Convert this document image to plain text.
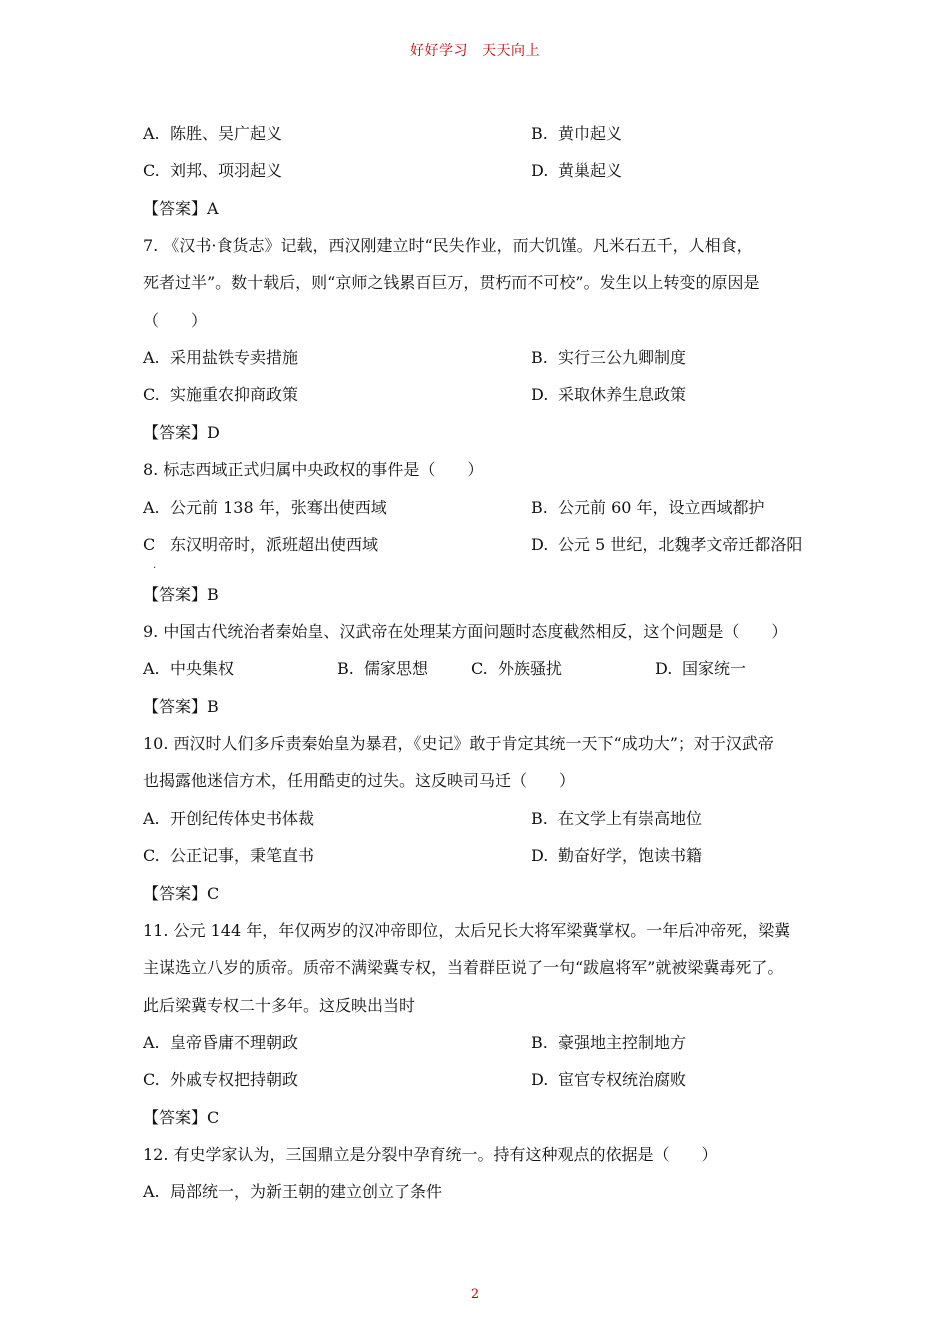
好好学习 天天向上
A. 陈胜、吴广起义	B. 黄巾起义
C. 刘邦、项羽起义	D. 黄巢起义
【答案】A
7. 《汉书·食货志》记载，西汉刚建立时“民失作业，而大饥馑。凡米石五千，人相食，
死者过半”。数十载后，则“京师之钱累百巨万，贯朽而不可校”。发生以上转变的原因是
（　　）
A. 采用盐铁专卖措施	B. 实行三公九卿制度
C. 实施重农抑商政策	D. 采取休养生息政策
【答案】D
8. 标志西域正式归属中央政权的事件是（　　）
A. 公元前 138 年，张骞出使西域	B. 公元前 60 年，设立西域都护
C 东汉明帝时，派班超出使西域	D. 公元 5 世纪，北魏孝文帝迁都洛阳
.
【答案】B
9. 中国古代统治者秦始皇、汉武帝在处理某方面问题时态度截然相反，这个问题是（　　）
A. 中央集权	B. 儒家思想	C. 外族骚扰	D. 国家统一
【答案】B
10. 西汉时人们多斥责秦始皇为暴君，《史记》敢于肯定其统一天下“成功大”；对于汉武帝
也揭露他迷信方术，任用酷吏的过失。这反映司马迁（　　）
A. 开创纪传体史书体裁	B. 在文学上有崇高地位
C. 公正记事，秉笔直书	D. 勤奋好学，饱读书籍
【答案】C
11. 公元 144 年，年仅两岁的汉冲帝即位，太后兄长大将军梁冀掌权。一年后冲帝死，梁冀
主谋选立八岁的质帝。质帝不满梁冀专权，当着群臣说了一句“跋扈将军”就被梁冀毒死了。
此后梁冀专权二十多年。这反映出当时
A. 皇帝昏庸不理朝政	B. 豪强地主控制地方
C. 外戚专权把持朝政	D. 宦官专权统治腐败
【答案】C
12. 有史学家认为，三国鼎立是分裂中孕育统一。持有这种观点的依据是（　　）
A. 局部统一，为新王朝的建立创立了条件
2
